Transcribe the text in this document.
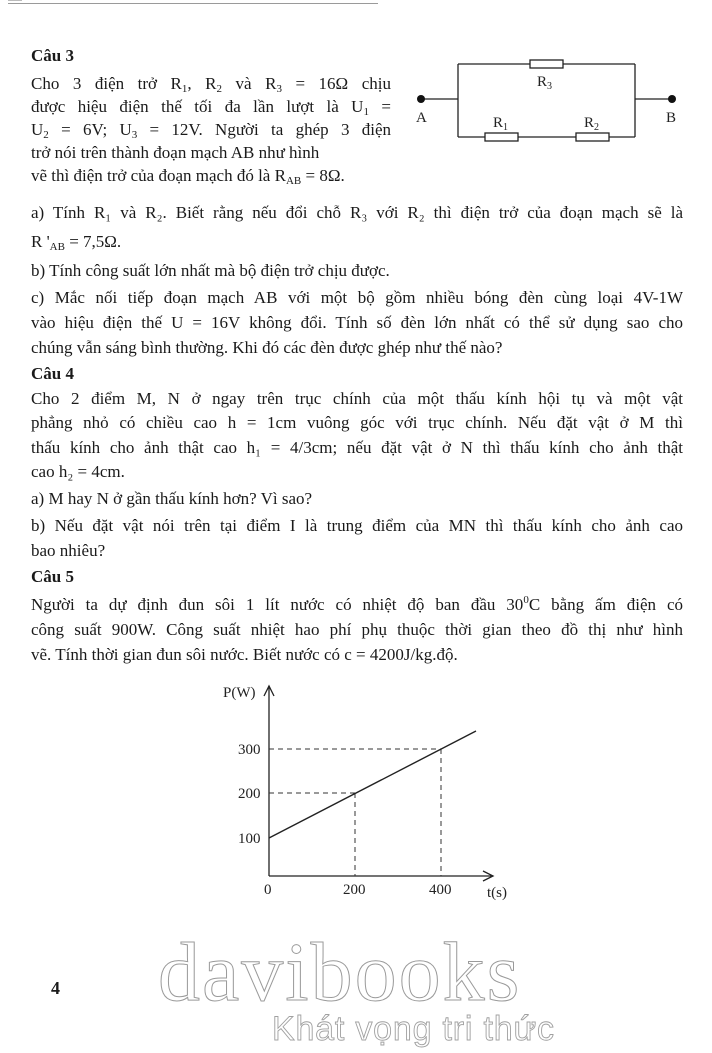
Câu 3
Cho 3 điện trở $R_1$, $R_2$ và $R_3 = 16\Omega$ chịu
được hiệu điện thế tối đa lần lượt là $U_1$ =
$U_2 = 6V$; $U_3 = 12V$. Người ta ghép 3 điện
trở nói trên thành đoạn mạch AB như hình
vẽ thì điện trở của đoạn mạch đó là $R_{AB} = 8\Omega$.
A	B
$R_3$
$R_1$	$R_2$
a) Tính R₁ và R₂. Biết rằng nếu đổi chỗ R₃ với R₂ thì điện trở của đoạn mạch sẽ là
R '$_{AB} = 7,5\Omega$.
b) Tính công suất lớn nhất mà bộ điện trở chịu được.
c) Mắc nối tiếp đoạn mạch AB với một bộ gồm nhiều bóng đèn cùng loại 4V-1W
vào hiệu điện thế U = 16V không đổi. Tính số đèn lớn nhất có thể sử dụng sao cho
chúng vẫn sáng bình thường. Khi đó các đèn được ghép như thế nào?
Câu 4
Cho 2 điểm M, N ở ngay trên trục chính của một thấu kính hội tụ và một vật
phẳng nhỏ có chiều cao h = 1cm vuông góc với trục chính. Nếu đặt vật ở M thì
thấu kính cho ảnh thật cao h₁ = 4/3cm; nếu đặt vật ở N thì thấu kính cho ảnh thật
cao h₂ = 4cm.
a) M hay N ở gần thấu kính hơn? Vì sao?
b) Nếu đặt vật nói trên tại điểm I là trung điểm của MN thì thấu kính cho ảnh cao
bao nhiêu?
Câu 5
Người ta dự định đun sôi 1 lít nước có nhiệt độ ban đầu $30^0C$ bằng ấm điện có
công suất 900W. Công suất nhiệt hao phí phụ thuộc thời gian theo đồ thị như hình
vẽ. Tính thời gian đun sôi nước. Biết nước có c = 4200J/kg.độ.
P(W)
300
200
100
0	200	400 t(s)
4 davibooks
Khát vọng tri thức
